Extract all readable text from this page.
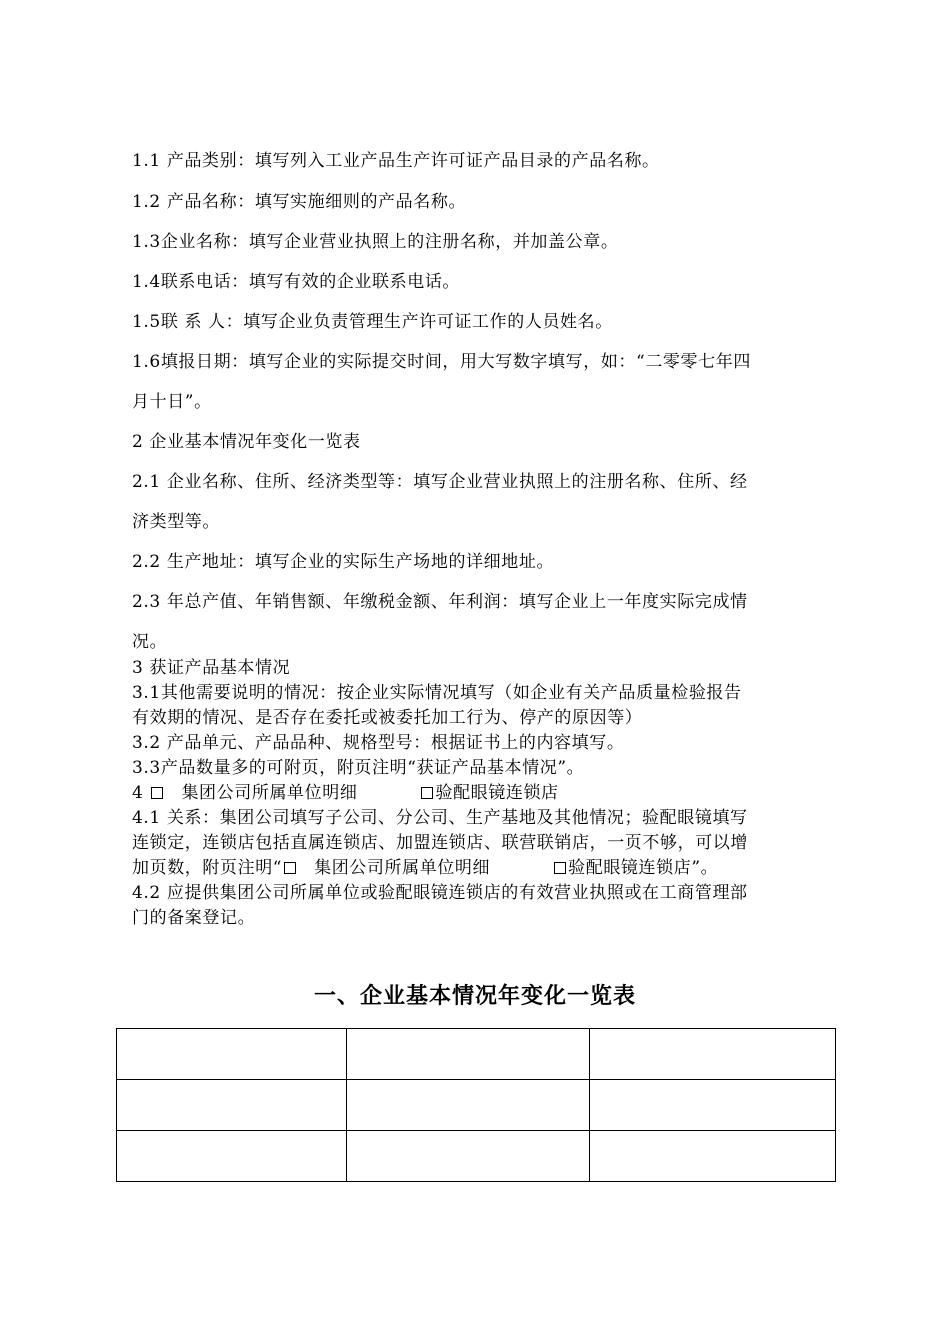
1.1 产品类别：填写列入工业产品生产许可证产品目录的产品名称。
1.2 产品名称：填写实施细则的产品名称。
1.3企业名称：填写企业营业执照上的注册名称，并加盖公章。
1.4联系电话：填写有效的企业联系电话。
1.5联 系 人：填写企业负责管理生产许可证工作的人员姓名。
1.6填报日期：填写企业的实际提交时间，用大写数字填写，如：“二零零七年四
月十日”。
2 企业基本情况年变化一览表
2.1 企业名称、住所、经济类型等：填写企业营业执照上的注册名称、住所、经
济类型等。
2.2 生产地址：填写企业的实际生产场地的详细地址。
2.3 年总产值、年销售额、年缴税金额、年利润：填写企业上一年度实际完成情
况。
3 获证产品基本情况
3.1其他需要说明的情况：按企业实际情况填写（如企业有关产品质量检验报告
有效期的情况、是否存在委托或被委托加工行为、停产的原因等）
3.2 产品单元、产品品种、规格型号：根据证书上的内容填写。
3.3产品数量多的可附页，附页注明“获证产品基本情况”。
4 集团公司所属单位明细	验配眼镜连锁店
4.1 关系：集团公司填写子公司、分公司、生产基地及其他情况；验配眼镜填写
连锁定，连锁店包括直属连锁店、加盟连锁店、联营联销店，一页不够，可以增
加页数，附页注明“ 集团公司所属单位明细	验配眼镜连锁店”。
4.2 应提供集团公司所属单位或验配眼镜连锁店的有效营业执照或在工商管理部
门的备案登记。
一、企业基本情况年变化一览表
